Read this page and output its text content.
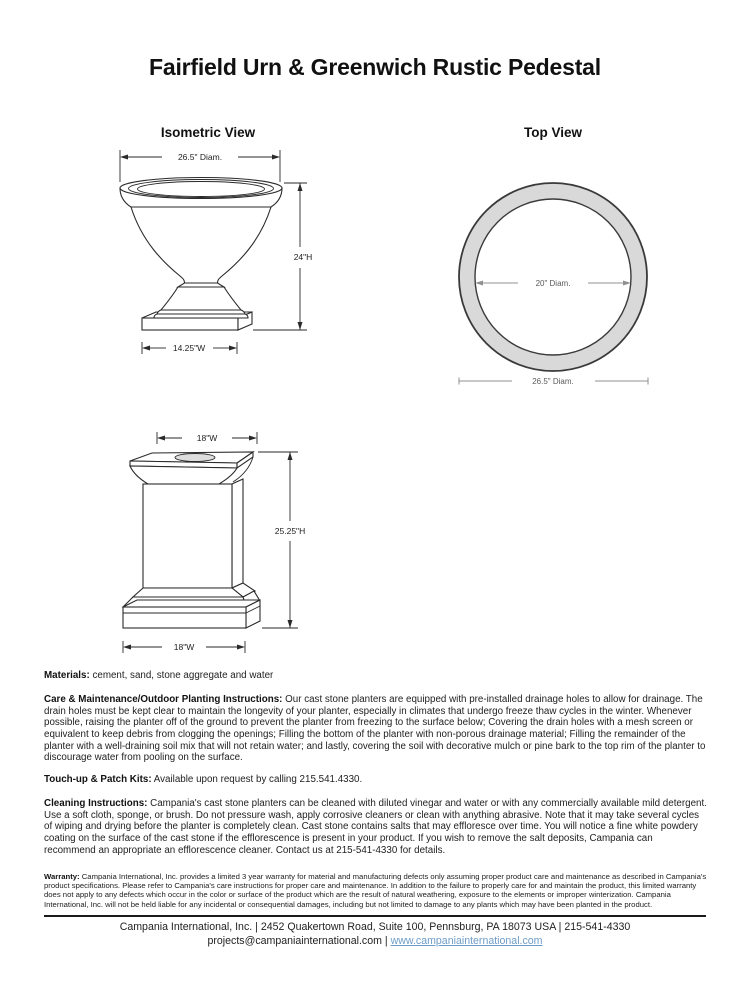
Fairfield Urn & Greenwich Rustic Pedestal
Isometric View	Top View
26.5" Diam.
24"H
14.25"W
20" Diam.
26.5" Diam.
18"W
25.25"H
18"W

Materials: cement, sand, stone aggregate and water

Care & Maintenance/Outdoor Planting Instructions: Our cast stone planters are equipped with pre-installed drainage holes to allow for drainage. The drain holes must be kept clear to maintain the longevity of your planter, especially in climates that undergo freeze thaw cycles in the winter. Whenever possible, raising the planter off of the ground to prevent the planter from freezing to the surface below; Covering the drain holes with a mesh screen or equivalent to keep debris from clogging the openings; Filling the bottom of the planter with non-porous drainage material; Filling the remainder of the planter with a well-draining soil mix that will not retain water; and lastly, covering the soil with decorative mulch or pine bark to the top rim of the planter to discourage water from pooling on the surface.

Touch-up & Patch Kits: Available upon request by calling 215.541.4330.

Cleaning Instructions: Campania's cast stone planters can be cleaned with diluted vinegar and water or with any commercially available mild detergent. Use a soft cloth, sponge, or brush. Do not pressure wash, apply corrosive cleaners or clean with anything abrasive. Note that it may take several cycles of wiping and drying before the planter is completely clean. Cast stone contains salts that may effloresce over time. You will notice a fine white powdery coating on the surface of the cast stone if the efflorescence is present in your product. If you wish to remove the salt deposits, Campania can recommend an appropriate an efflorescence cleaner. Contact us at 215-541-4330 for details.

Warranty: Campania International, Inc. provides a limited 3 year warranty for material and manufacturing defects only assuming proper product care and maintenance as described in Campania's product specifications. Please refer to Campania's care instructions for proper care and maintenance. In addition to the failure to properly care for and maintain the product, this limited warranty does not apply to any defects which occur in the color or surface of the product which are the result of natural weathering, exposure to the elements or improper winterization. Campania International, Inc. will not be held liable for any incidental or consequential damages, including but not limited to damage to any plants which may have been planted in the product.

Campania International, Inc. | 2452 Quakertown Road, Suite 100, Pennsburg, PA 18073 USA | 215-541-4330
projects@campaniainternational.com | www.campaniainternational.com
